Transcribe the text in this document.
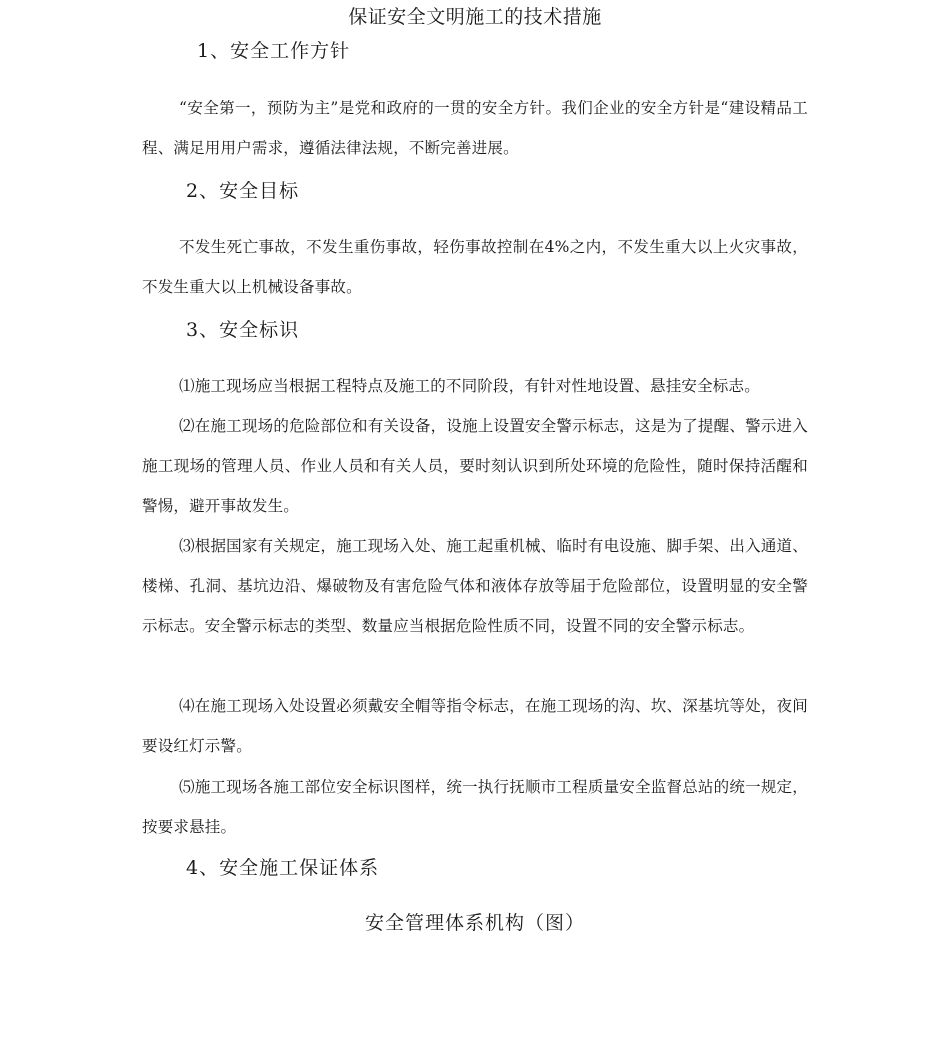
保证安全文明施工的技术措施
1、安全工作方针
“安全第一，预防为主”是党和政府的一贯的安全方针。我们企业的安全方针是“建设精品工程、满足用用户需求，遵循法律法规，不断完善进展。
2、安全目标
不发生死亡事故，不发生重伤事故，轻伤事故控制在4%之内，不发生重大以上火灾事故，不发生重大以上机械设备事故。
3、安全标识
⑴施工现场应当根据工程特点及施工的不同阶段，有针对性地设置、悬挂安全标志。
⑵在施工现场的危险部位和有关设备，设施上设置安全警示标志，这是为了提醒、警示进入施工现场的管理人员、作业人员和有关人员，要时刻认识到所处环境的危险性，随时保持活醒和警惕，避开事故发生。
⑶根据国家有关规定，施工现场入处、施工起重机械、临时有电设施、脚手架、出入通道、楼梯、孔洞、基坑边沿、爆破物及有害危险气体和液体存放等届于危险部位，设置明显的安全警示标志。安全警示标志的类型、数量应当根据危险性质不同，设置不同的安全警示标志。
⑷在施工现场入处设置必须戴安全帽等指令标志，在施工现场的沟、坎、深基坑等处，夜间要设红灯示警。
⑸施工现场各施工部位安全标识图样，统一执行抚顺市工程质量安全监督总站的统一规定，按要求悬挂。
4、安全施工保证体系
安全管理体系机构（图）
